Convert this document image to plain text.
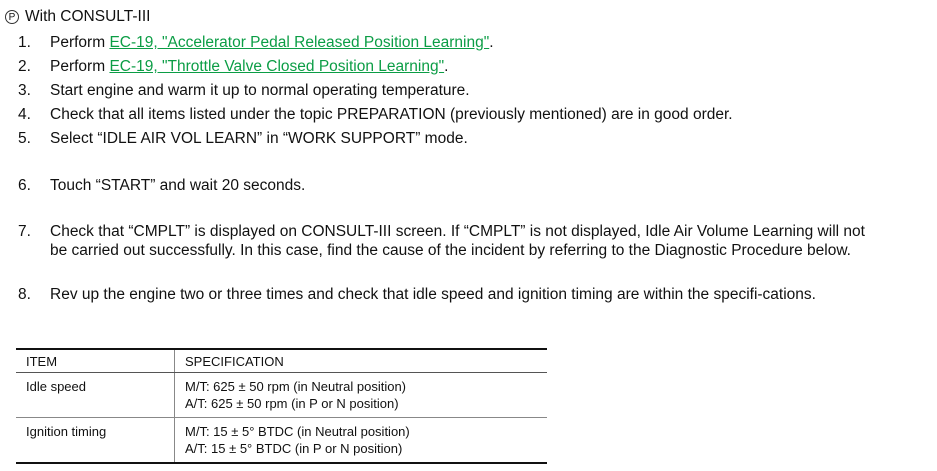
P With CONSULT-III
1.	Perform EC-19, "Accelerator Pedal Released Position Learning".
2.	Perform EC-19, "Throttle Valve Closed Position Learning".
3.	Start engine and warm it up to normal operating temperature.
4.	Check that all items listed under the topic PREPARATION (previously mentioned) are in good order.
5.	Select “IDLE AIR VOL LEARN” in “WORK SUPPORT” mode.
6.	Touch “START” and wait 20 seconds.
7.	Check that “CMPLT” is displayed on CONSULT-III screen. If “CMPLT” is not displayed, Idle Air Volume Learning will not be carried out successfully. In this case, find the cause of the incident by referring to the Diagnostic Procedure below.
8.	Rev up the engine two or three times and check that idle speed and ignition timing are within the specifi-cations.
ITEM	SPECIFICATION
Idle speed	M/T: 625 ± 50 rpm (in Neutral position)
A/T: 625 ± 50 rpm (in P or N position)

Ignition timing	M/T: 15 ± 5° BTDC (in Neutral position)
A/T: 15 ± 5° BTDC (in P or N position)
